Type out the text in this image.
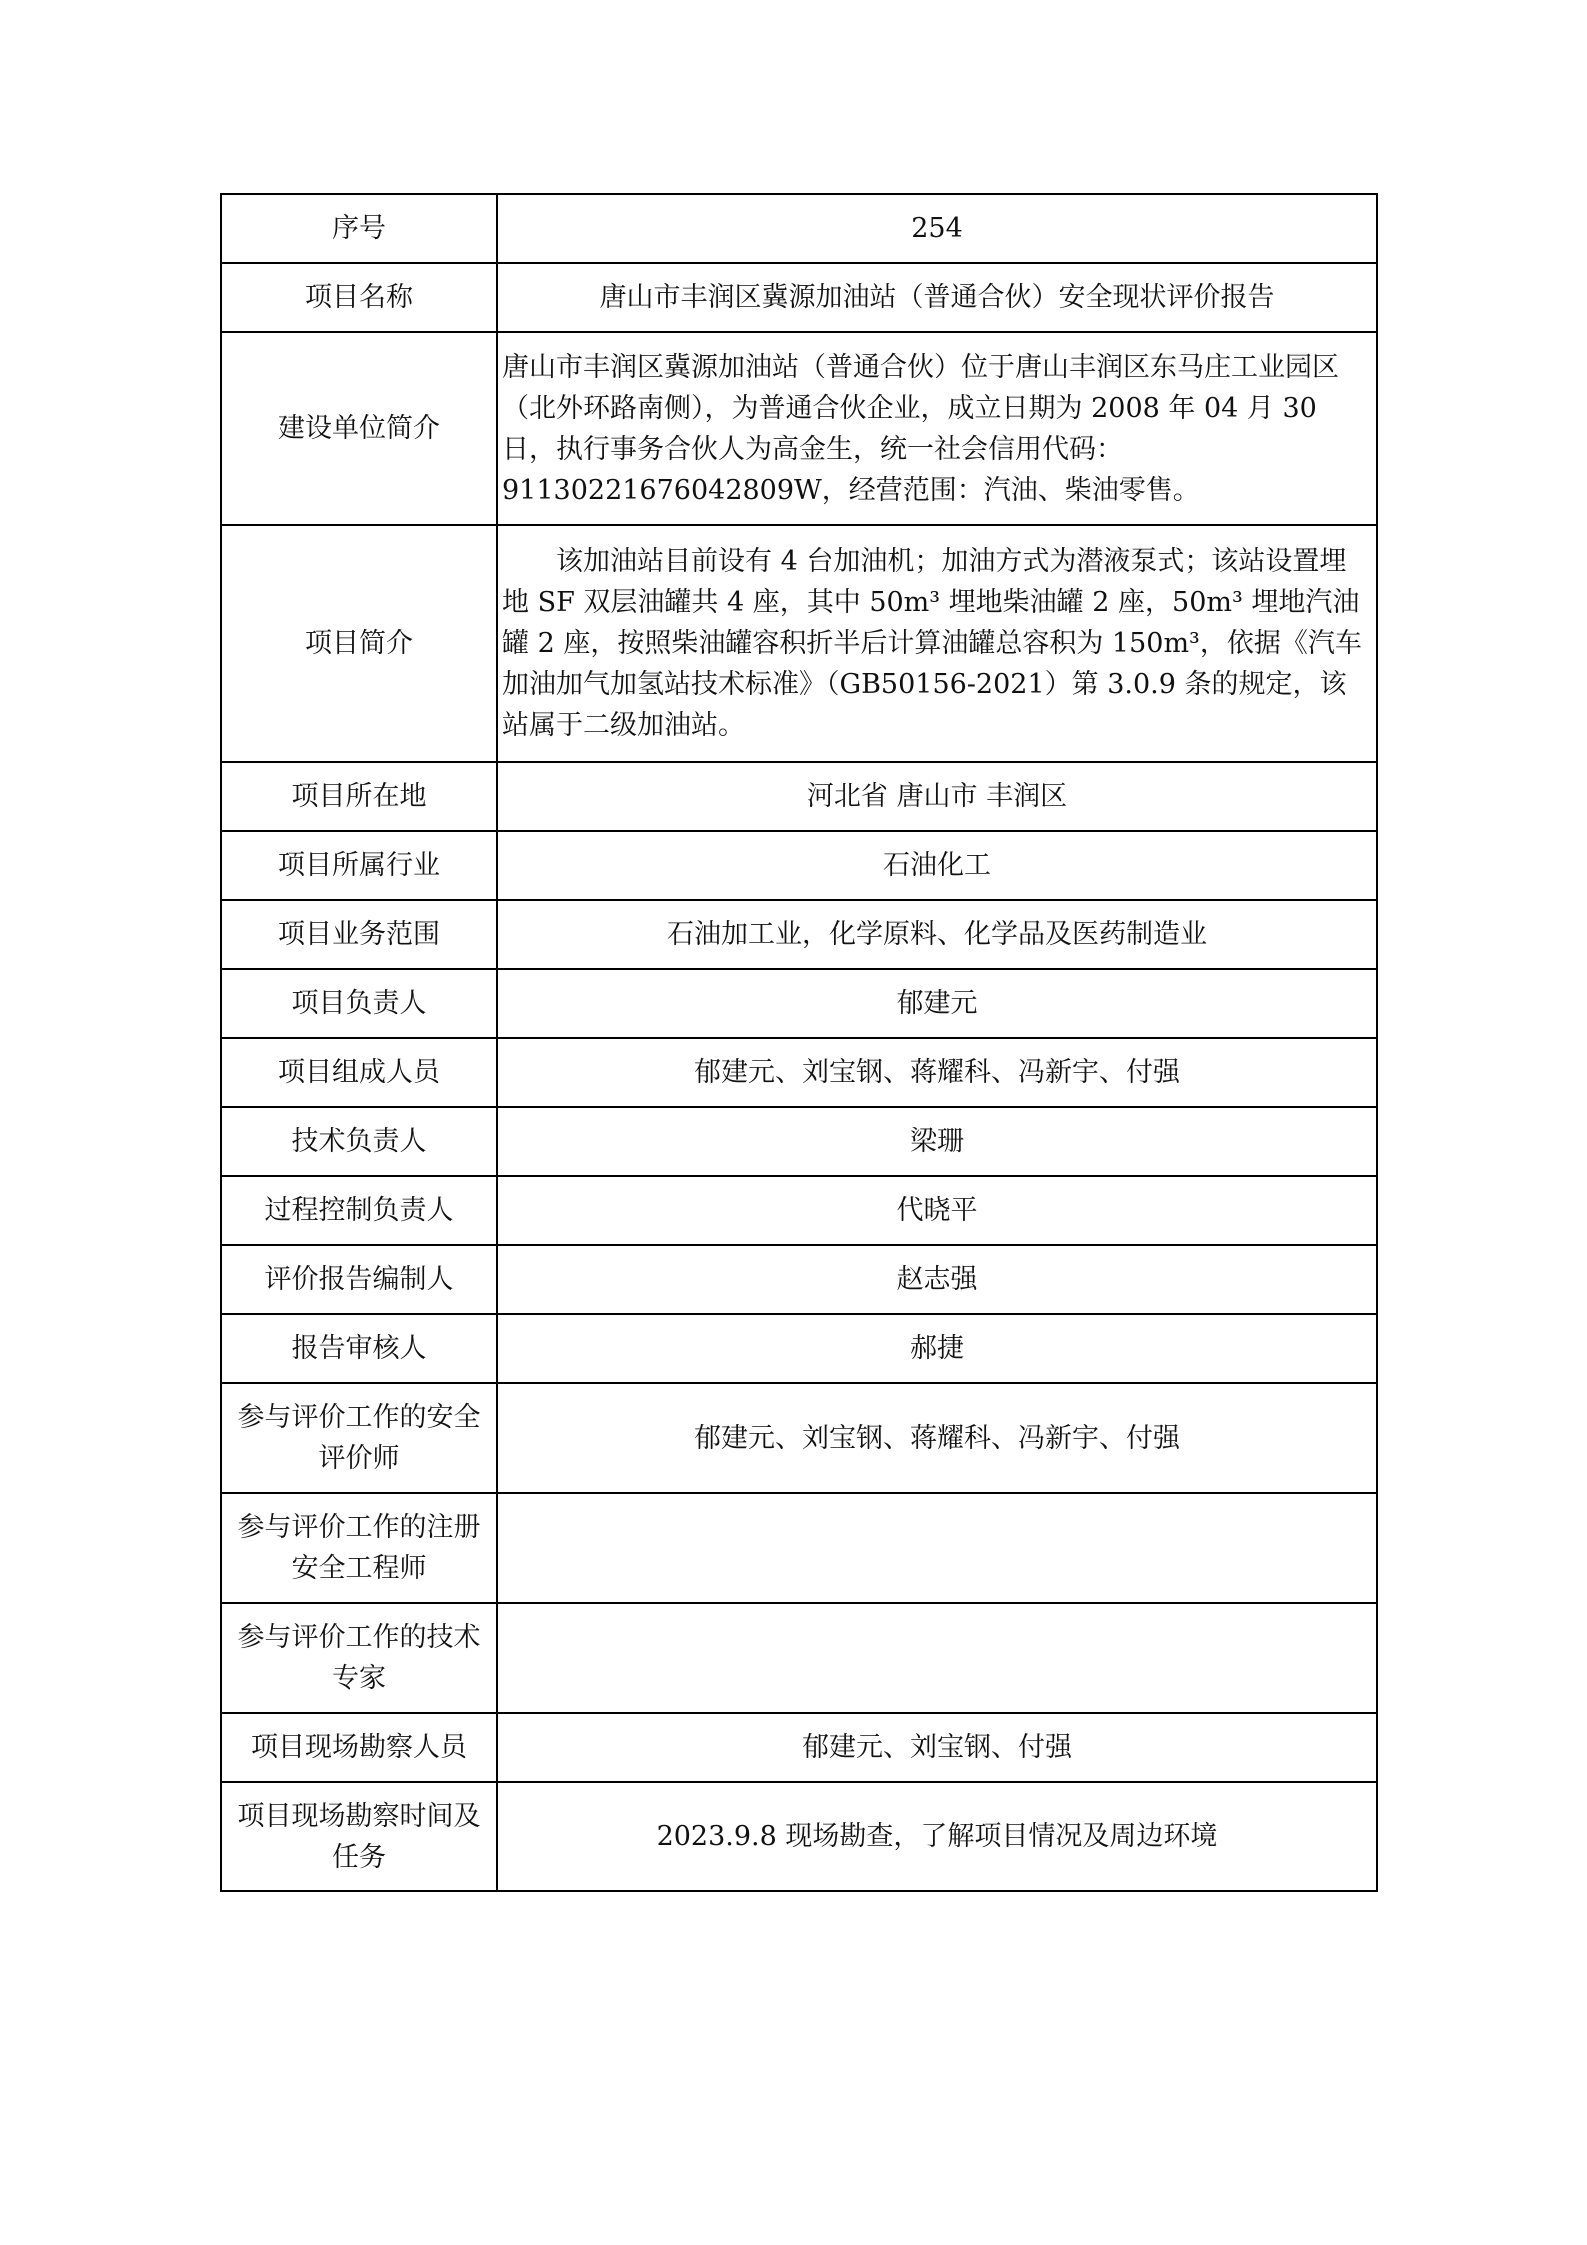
序号	254
项目名称	唐山市丰润区冀源加油站（普通合伙）安全现状评价报告
建设单位简介	唐山市丰润区冀源加油站（普通合伙）位于唐山丰润区东马庄工业园区（北外环路南侧），为普通合伙企业，成立日期为 2008 年 04 月 30 日，执行事务合伙人为高金生，统一社会信用代码：91130221676042809W，经营范围：汽油、柴油零售。
项目简介	该加油站目前设有 4 台加油机；加油方式为潜液泵式；该站设置埋地 SF 双层油罐共 4 座，其中 50m³ 埋地柴油罐 2 座，50m³ 埋地汽油罐 2 座，按照柴油罐容积折半后计算油罐总容积为 150m³，依据《汽车加油加气加氢站技术标准》（GB50156-2021）第 3.0.9 条的规定，该站属于二级加油站。
项目所在地	河北省 唐山市 丰润区
项目所属行业	石油化工
项目业务范围	石油加工业，化学原料、化学品及医药制造业
项目负责人	郁建元
项目组成人员	郁建元、刘宝钢、蒋耀科、冯新宇、付强
技术负责人	梁珊
过程控制负责人	代晓平
评价报告编制人	赵志强
报告审核人	郝捷
参与评价工作的安全评价师	郁建元、刘宝钢、蒋耀科、冯新宇、付强
参与评价工作的注册安全工程师	
参与评价工作的技术专家	
项目现场勘察人员	郁建元、刘宝钢、付强
项目现场勘察时间及任务	2023.9.8 现场勘查，了解项目情况及周边环境
